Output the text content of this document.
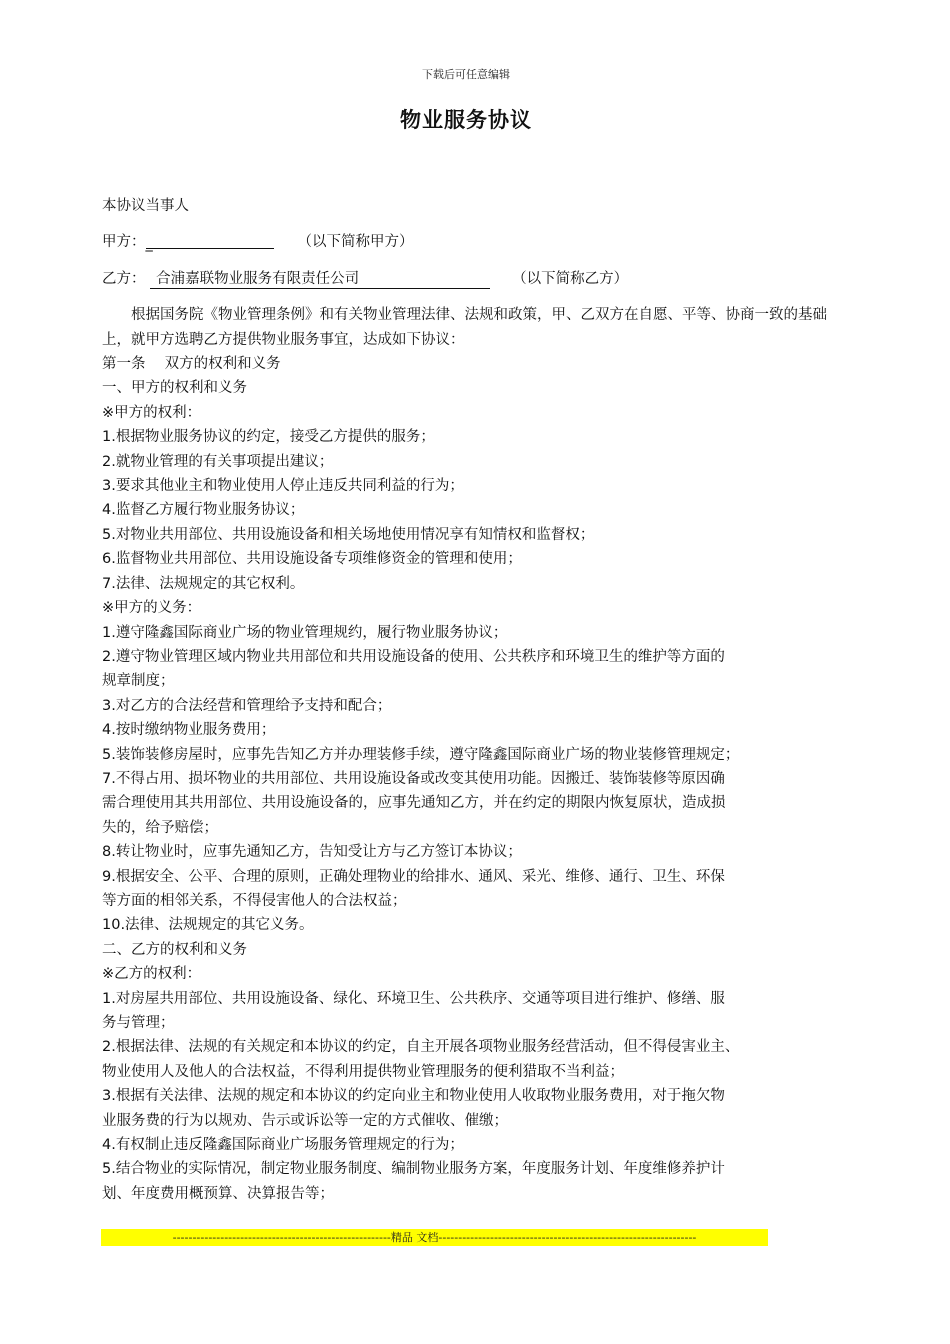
下载后可任意编辑
物业服务协议
本协议当事人
甲方：_	（以下简称甲方）
乙方： 合浦嘉联物业服务有限责任公司	（以下简称乙方）
根据国务院《物业管理条例》和有关物业管理法律、法规和政策，甲、乙双方在自愿、平等、协商一致的基础上，就甲方选聘乙方提供物业服务事宜，达成如下协议：
第一条　 双方的权利和义务
一、甲方的权利和义务
※甲方的权利：
1.根据物业服务协议的约定，接受乙方提供的服务；
2.就物业管理的有关事项提出建议；
3.要求其他业主和物业使用人停止违反共同利益的行为；
4.监督乙方履行物业服务协议；
5.对物业共用部位、共用设施设备和相关场地使用情况享有知情权和监督权；
6.监督物业共用部位、共用设施设备专项维修资金的管理和使用；
7.法律、法规规定的其它权利。
※甲方的义务：
1.遵守隆鑫国际商业广场的物业管理规约，履行物业服务协议；
2.遵守物业管理区域内物业共用部位和共用设施设备的使用、公共秩序和环境卫生的维护等方面的
规章制度；
3.对乙方的合法经营和管理给予支持和配合；
4.按时缴纳物业服务费用；
5.装饰装修房屋时，应事先告知乙方并办理装修手续，遵守隆鑫国际商业广场的物业装修管理规定；
7.不得占用、损坏物业的共用部位、共用设施设备或改变其使用功能。因搬迁、装饰装修等原因确
需合理使用其共用部位、共用设施设备的，应事先通知乙方，并在约定的期限内恢复原状，造成损
失的，给予赔偿；
8.转让物业时，应事先通知乙方，告知受让方与乙方签订本协议；
9.根据安全、公平、合理的原则，正确处理物业的给排水、通风、采光、维修、通行、卫生、环保
等方面的相邻关系，不得侵害他人的合法权益；
10.法律、法规规定的其它义务。
二、乙方的权利和义务
※乙方的权利：
1.对房屋共用部位、共用设施设备、绿化、环境卫生、公共秩序、交通等项目进行维护、修缮、服
务与管理；
2.根据法律、法规的有关规定和本协议的约定，自主开展各项物业服务经营活动，但不得侵害业主、
物业使用人及他人的合法权益，不得利用提供物业管理服务的便利猎取不当利益；
3.根据有关法律、法规的规定和本协议的约定向业主和物业使用人收取物业服务费用，对于拖欠物
业服务费的行为以规劝、告示或诉讼等一定的方式催收、催缴；
4.有权制止违反隆鑫国际商业广场服务管理规定的行为；
5.结合物业的实际情况，制定物业服务制度、编制物业服务方案，年度服务计划、年度维修养护计
划、年度费用概预算、决算报告等；
-------------------------------------------------------精品 文档-----------------------------------------------------------------
